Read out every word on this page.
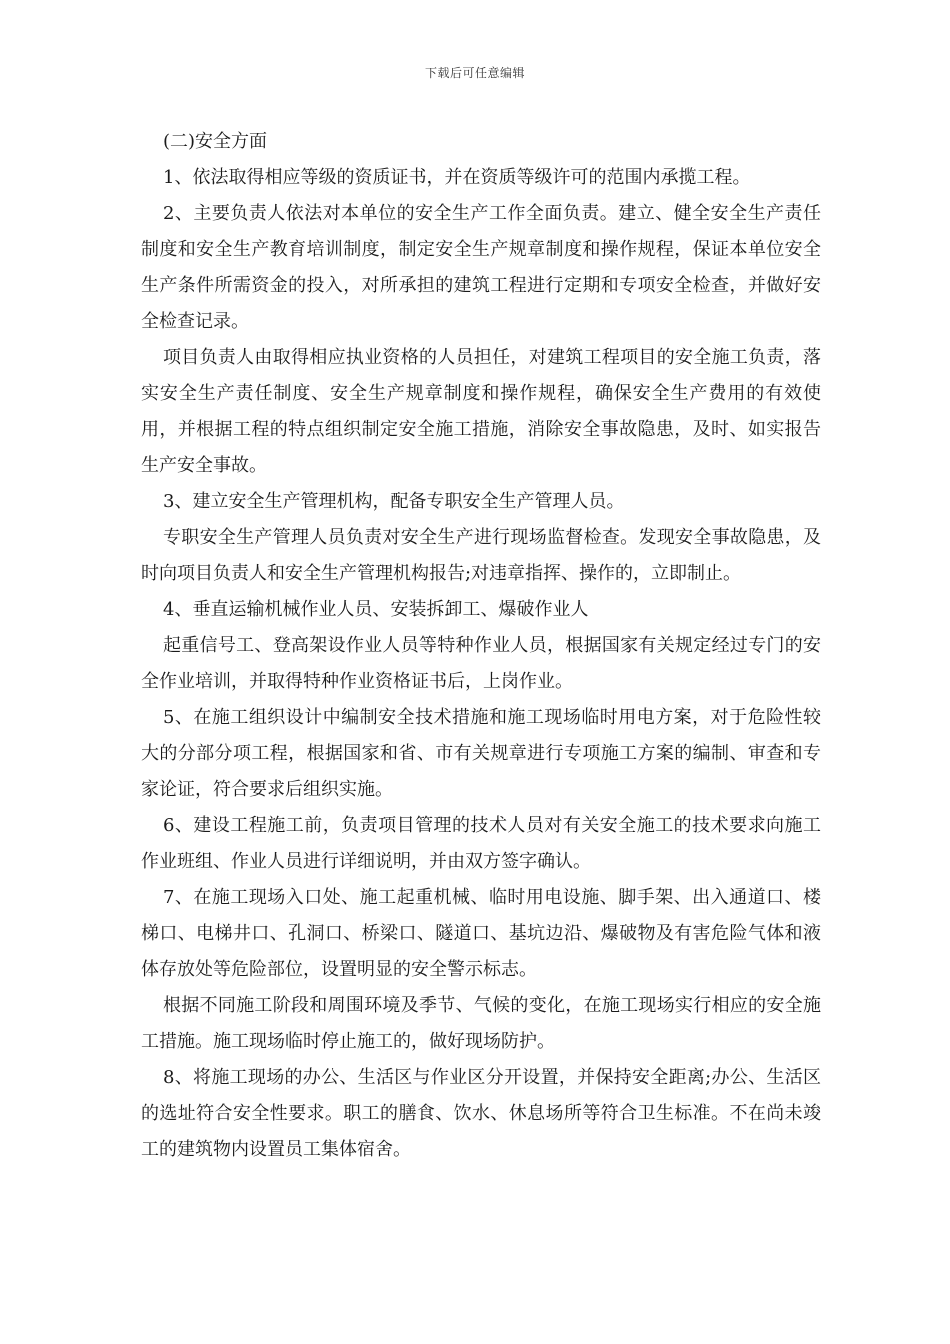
下载后可任意编辑

(二)安全方面

1、依法取得相应等级的资质证书，并在资质等级许可的范围内承揽工程。

2、主要负责人依法对本单位的安全生产工作全面负责。建立、健全安全生产责任制度和安全生产教育培训制度，制定安全生产规章制度和操作规程，保证本单位安全生产条件所需资金的投入，对所承担的建筑工程进行定期和专项安全检查，并做好安全检查记录。

项目负责人由取得相应执业资格的人员担任，对建筑工程项目的安全施工负责，落实安全生产责任制度、安全生产规章制度和操作规程，确保安全生产费用的有效使用，并根据工程的特点组织制定安全施工措施，消除安全事故隐患，及时、如实报告生产安全事故。

3、建立安全生产管理机构，配备专职安全生产管理人员。

专职安全生产管理人员负责对安全生产进行现场监督检查。发现安全事故隐患，及时向项目负责人和安全生产管理机构报告;对违章指挥、操作的，立即制止。

4、垂直运输机械作业人员、安装拆卸工、爆破作业人

起重信号工、登高架设作业人员等特种作业人员，根据国家有关规定经过专门的安全作业培训，并取得特种作业资格证书后，上岗作业。

5、在施工组织设计中编制安全技术措施和施工现场临时用电方案，对于危险性较大的分部分项工程，根据国家和省、市有关规章进行专项施工方案的编制、审查和专家论证，符合要求后组织实施。

6、建设工程施工前，负责项目管理的技术人员对有关安全施工的技术要求向施工作业班组、作业人员进行详细说明，并由双方签字确认。

7、在施工现场入口处、施工起重机械、临时用电设施、脚手架、出入通道口、楼梯口、电梯井口、孔洞口、桥梁口、隧道口、基坑边沿、爆破物及有害危险气体和液体存放处等危险部位，设置明显的安全警示标志。

根据不同施工阶段和周围环境及季节、气候的变化，在施工现场实行相应的安全施工措施。施工现场临时停止施工的，做好现场防护。

8、将施工现场的办公、生活区与作业区分开设置，并保持安全距离;办公、生活区的选址符合安全性要求。职工的膳食、饮水、休息场所等符合卫生标准。不在尚未竣工的建筑物内设置员工集体宿舍。
